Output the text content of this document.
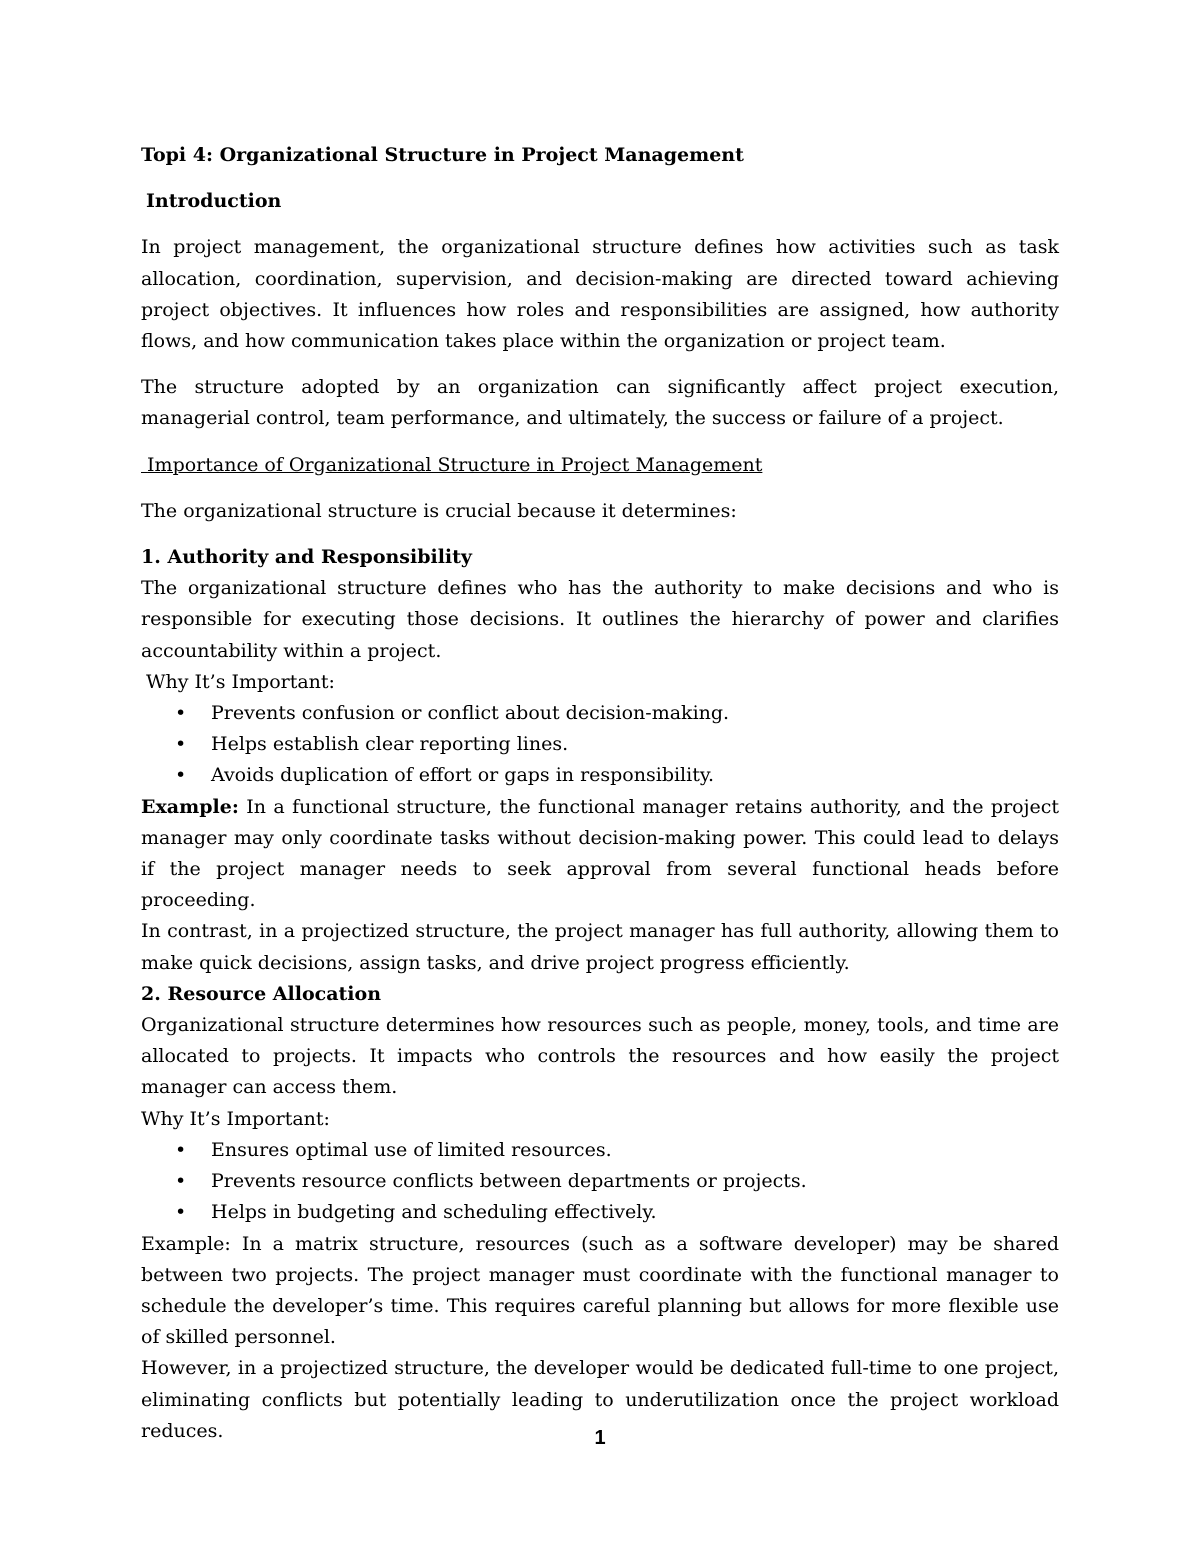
Topi 4: Organizational Structure in Project Management
Introduction

In project management, the organizational structure defines how activities such as task allocation, coordination, supervision, and decision-making are directed toward achieving project objectives. It influences how roles and responsibilities are assigned, how authority flows, and how communication takes place within the organization or project team.

The structure adopted by an organization can significantly affect project execution, managerial control, team performance, and ultimately, the success or failure of a project.

Importance of Organizational Structure in Project Management

The organizational structure is crucial because it determines:

1. Authority and Responsibility

The organizational structure defines who has the authority to make decisions and who is responsible for executing those decisions. It outlines the hierarchy of power and clarifies accountability within a project.

Why It’s Important:
• Prevents confusion or conflict about decision-making.
• Helps establish clear reporting lines.
• Avoids duplication of effort or gaps in responsibility.

Example: In a functional structure, the functional manager retains authority, and the project manager may only coordinate tasks without decision-making power. This could lead to delays if the project manager needs to seek approval from several functional heads before proceeding.

In contrast, in a projectized structure, the project manager has full authority, allowing them to make quick decisions, assign tasks, and drive project progress efficiently.

2. Resource Allocation

Organizational structure determines how resources such as people, money, tools, and time are allocated to projects. It impacts who controls the resources and how easily the project manager can access them.

Why It’s Important:
• Ensures optimal use of limited resources.
• Prevents resource conflicts between departments or projects.
• Helps in budgeting and scheduling effectively.

Example: In a matrix structure, resources (such as a software developer) may be shared between two projects. The project manager must coordinate with the functional manager to schedule the developer’s time. This requires careful planning but allows for more flexible use of skilled personnel.

However, in a projectized structure, the developer would be dedicated full-time to one project, eliminating conflicts but potentially leading to underutilization once the project workload reduces.	1
